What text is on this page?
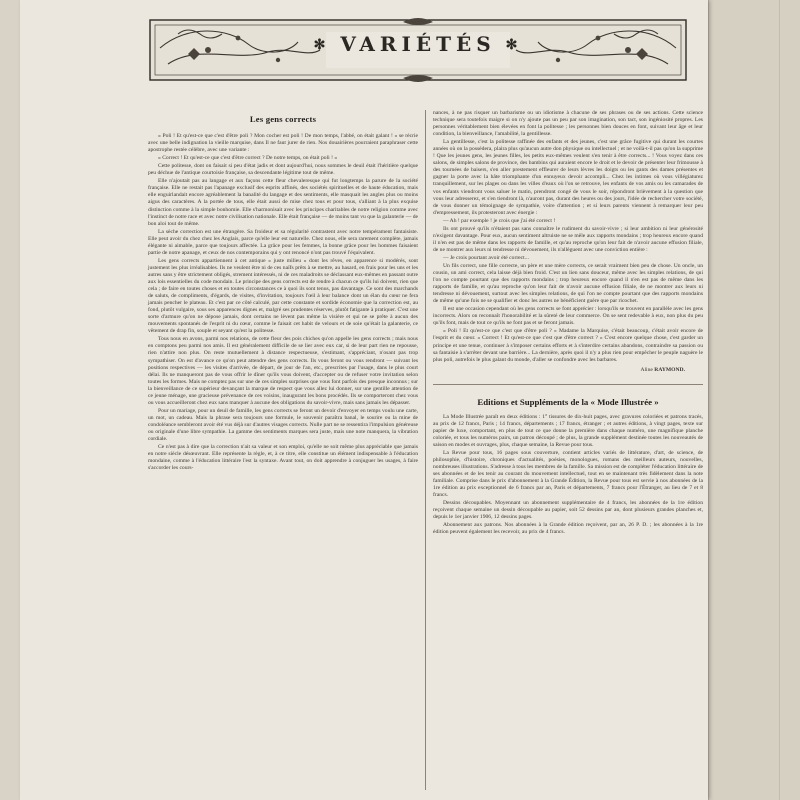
✻ VARIÉTÉS ✻
Les gens corrects

« Poli ! Et qu'est-ce que c'est d'être poli ? Mon cocher est poli ! De mon temps, l'abbé, on était galant ! » se récrie avec une belle indignation la vieille marquise, dans Il ne faut jurer de rien. Nos douairières pourraient paraphraser cette apostrophe restée célèbre, avec une variante :

« Correct ! Et qu'est-ce que c'est d'être correct ? De notre temps, on était poli ! »

Cette politesse, dont on faisait si peu d'état jadis et dont aujourd'hui, nous sommes le deuil était l'héritière quelque peu déchue de l'antique courtoisie française, sa descendante légitime tout de même.

Elle n'ajoutait pas au langage et aux façons cette fleur chevaleresque qui fut longtemps la parure de la société française. Elle ne restait pas l'apanage exclusif des esprits affinés, des sociétés spirituelles et de haute éducation, mais elle enguirlandait encore agréablement la banalité du langage et des sentiments, elle masquait les angles plus ou moins aigus des caractères. A la portée de tous, elle était aussi de mise chez tous et pour tous, s'alliant à la plus exquise distinction comme à la simple bonhomie. Elle s'harmonisait avec les principes charitables de notre religion comme avec l'instinct de notre race et avec notre civilisation nationale. Elle était française — de moins tant vu que la galanterie — de bon aloi tout de même.

La sèche correction est une étrangère. Sa froideur et sa régularité contrastent avec notre tempérament fantaisiste. Elle peut avoir du chez chez les Anglais, parce qu'elle leur est naturelle. Chez nous, elle sera rarement complète, jamais élégante ni aimable, parce que toujours affectée. La grâce pour les femmes, la bonne grâce pour les hommes faisaient partie de notre apanage, et ceux de nos contemporains qui y ont renoncé n'ont pas trouvé l'équivalent.

Les gens corrects appartiennent à cet antique « juste milieu » dont les rêves, en apparence si modérés, sont justement les plus irréalisables. Ils ne veulent être ni de ces naïfs prêts à se mettre, au hasard, en frais pour les uns et les autres sans y être strictement obligés, strement intéressés, ni de ces maladroits se déclassant eux-mêmes en passant outre aux lois essentielles du code mondain. Le principe des gens corrects est de rendre à chacun ce qu'ils lui doivent, rien que cela ; de faire en toutes choses et en toutes circonstances ce à quoi ils sont tenus, pas davantage. Ce sont des marchands de saluts, de compliments, d'égards, de visites, d'invitation, toujours l'œil à leur balance dont un élan du cœur ne fera jamais pencher le plateau. Et c'est par ce côté calculé, par cette constante et sordide économie que la correction est, au fond, plutôt vulgaire, sous ses apparences dignes et, malgré ses prudentes réserves, plutôt fatigante à pratiquer. C'est une sorte d'armure qu'on ne dépose jamais, dont certains ne lèvent pas même la visière et qui ne se prête à aucun des mouvements spontanés de l'esprit ni du cœur, comme le faisait cet habit de velours et de soie qu'était la galanterie, ce vêtement de drap fin, souple et seyant qu'est la politesse.

Tous nous en avons, parmi nos relations, de cette fleur des pois chiches qu'on appelle les gens corrects ; mais nous en comptons peu parmi nos amis. Il est généralement difficile de se lier avec eux car, si de leur part rien ne repousse, rien n'attire non plus. On reste mutuellement à distance respectueuse, s'estimant, s'appréciant, n'osant pas trop sympathiser. On est d'avance ce qu'on peut attendre des gens corrects. Ils vous feront ou vous rendront — suivant les positions respectives — les visites d'arrivée, de départ, de jour de l'an, etc., prescrites par l'usage, dans le plus court délai. Ils ne manqueront pas de vous offrir le dîner qu'ils vous doivent, d'accepter ou de refuser votre invitation selon toutes les formes. Mais ne comptez pas sur une de ces simples surprises que vous font parfois des presque inconnus ; sur la bienveillance de ce supérieur devançant la marque de respect que vous allez lui donner, sur une gentille attention de ce jeune ménage, une gracieuse prévenance de ces voisins, inaugurant les bons procédés. Ils se comporteront chez vous ou vous accueilleront chez eux sans manquer à aucune des obligations du savoir-vivre, mais sans jamais les dépasser.

Pour un mariage, pour un deuil de famille, les gens corrects se feront un devoir d'envoyer en temps voulu une carte, un mot, un cadeau. Mais la phrase sera toujours une formule, le souvenir paraîtra banal, le sourire ou la mine de condoléance sembleront avoir été vus déjà sur d'autres visages corrects. Nulle part ne se ressentira l'impulsion généreuse ou originale d'une libre sympathie. La gamme des sentiments marques sera juste, mais une note manquera, la vibration cordiale.

Ce n'est pas à dire que la correction n'ait sa valeur et son emploi, qu'elle ne soit même plus appréciable que jamais en notre siècle désœuvrant. Elle représente la règle, et, à ce titre, elle constitue un élément indispensable à l'éducation mondaine, comme à l'éducation littéraire l'est la syntaxe. Avant tout, on doit apprendre à conjuguer les usages, à faire s'accorder les cours-

nances, à ne pas risquer un barbarisme ou un idiotisme à chacune de ses phrases ou de ses actions. Cette science technique sera toutefois maigre si on n'y ajoute pas un peu par son imagination, son tact, son ingéniosité propres. Les personnes véritablement bien élevées en font la politesse ; les personnes bien douces en font, suivant leur âge et leur condition, la bienveillance, l'amabilité, la gentillesse.

La gentillesse, c'est la politesse raffinée des enfants et des jeunes, c'est une grâce fugitive qui durant les courtes années où on la possédera, plaira plus qu'aucun autre don physique ou intellectuel ; et ne voilà-t-il pas qu'on la supprime ! Que les jeunes gens, les jeunes filles, les petits eux-mêmes veulent s'en tenir à être corrects... ! Vous voyez dans ces salons, de simples salons de province, des bambins qui auraient encore le droit et le devoir de présenter leur frimousse à des tournées de baisers, s'en aller prestement effleurer de leurs lèvres les doigts ou les gants des dames présentes et gagner la porte avec la hâte triomphante d'un ennuyeux devoir accompli... Chez les intimes où vous villégiaturez tranquillement, sur les plages ou dans les villes d'eaux où l'on se retrouve, les enfants de vos amis ou les camarades de vos enfants viendront vous saluer le matin, prendront congé de vous le soir, répondront brièvement à la question que vous leur adresserez, et s'en tiendront là, n'auront pas, durant des heures ou des jours, l'idée de rechercher votre société, de vous donner un témoignage de sympathie, voire d'attention ; et si leurs parents viennent à remarquer leur peu d'empressement, ils protesteront avec énergie :

— Ah ! par exemple ! je crois que j'ai été correct !

Ils ont prouvé qu'ils n'étaient pas sans connaître le rudiment du savoir-vivre ; si leur ambition ni leur générosité n'exigent davantage. Pour eux, aucun sentiment altruiste ne se mêle aux rapports mondains ; trop heureux encore quand il n'en est pas de même dans les rapports de famille, et qu'au reproche qu'on leur fait de n'avoir aucune effusion filiale, de ne montrer aux leurs ni tendresse ni dévouement, ils n'allèguent avec une conviction entière :

— Je crois pourtant avoir été correct...

Un fils correct, une fille correcte, un père et une mère corrects, ce serait vraiment bien peu de chose. Un oncle, un cousin, un ami correct, cela laisse déjà bien froid. C'est un lien sans douceur, même avec les simples relations, de qui l'on ne compte pourtant que des rapports mondains ; trop heureux encore quand il n'en est pas de même dans les rapports de famille, et qu'au reproche qu'on leur fait de n'avoir aucune effusion filiale, de ne montrer aux leurs ni tendresse ni dévouement, surtout avec les simples relations, de qui l'on ne compte pourtant que des rapports mondains de même qu'une fois ne se qualifier et donc les autres ne bénéficient guère que par ricochet.

Il est une occasion cependant où les gens corrects se font apprécier : lorsqu'ils se trouvent en parallèle avec les gens incorrects. Alors on reconnaît l'honorabilité et la sûreté de leur commerce. On se sent redevable à eux, non plus du peu qu'ils font, mais de tout ce qu'ils ne font pas et se feront jamais.

« Poli ! Et qu'est-ce que c'est que d'être poli ? » Madame la Marquise, c'était beaucoup, c'était avoir encore de l'esprit et du cœur. « Correct ! Et qu'est-ce que c'est que d'être correct ? » C'est encore quelque chose, c'est garder un principe et une tenue, continuer à s'imposer certains efforts et à s'interdire certains abandons, contraindre sa passion ou sa fantaisie à s'arrêter devant une barrière... La dernière, après quoi il n'y a plus rien pour empêcher le peuple naguère le plus poli, autrefois le plus galant du monde, d'aller se confondre avec les barbares.

Aline RAYMOND.
Editions et Suppléments de la « Mode Illustrée »

La Mode Illustrée paraît en deux éditions : 1° tissures de dix-huit pages, avec gravures coloriées et patrons tracés, au prix de 12 francs, Paris ; 14 francs, départements ; 17 francs, étranger ; et autres éditions, à vingt pages, texte sur papier de luxe, comportant, en plus de tout ce que donne la première dans chaque numéro, une magnifique planche coloriée, et tous les numéros pairs, un patron découpé ; de plus, la grande supplément destinée toutes les nouveautés de saison en modes et ouvrages, plus, chaque semaine, la Revue pour tous.

La Revue pour tous, 16 pages sous couverture, contient articles variés de littérature, d'art, de science, de philosophie, d'histoire, chroniques d'actualités, poésies, monologues, romans des meilleurs auteurs, nouvelles, nombreuses illustrations. S'adresse à tous les membres de la famille. Sa mission est de compléter l'éducation littéraire de ses abonnées et de les tenir au courant du mouvement intellectuel, tout en se maintenant très fidèlement dans la note familiale. Comprise dans le prix d'abonnement à la Grande Édition, la Revue pour tous est servie à nos abonnées de la 1re édition au prix exceptionnel de 6 francs par an, Paris et départements, 7 francs pour l'Étranger, au lieu de 7 et 8 francs.

Dessins découpables. Moyennant un abonnement supplémentaire de 4 francs, les abonnées de la 1re édition reçoivent chaque semaine un dessin découpable au papier, soit 52 dessins par an, dont plusieurs grandes planches et, depuis le 1er janvier 1906, 12 dessins pages.

Abonnement aux patrons. Nos abonnées à la Grande édition reçoivent, par an, 26 P. D. ; les abonnées à la 1re édition peuvent également les recevoir, au prix de 4 francs.
